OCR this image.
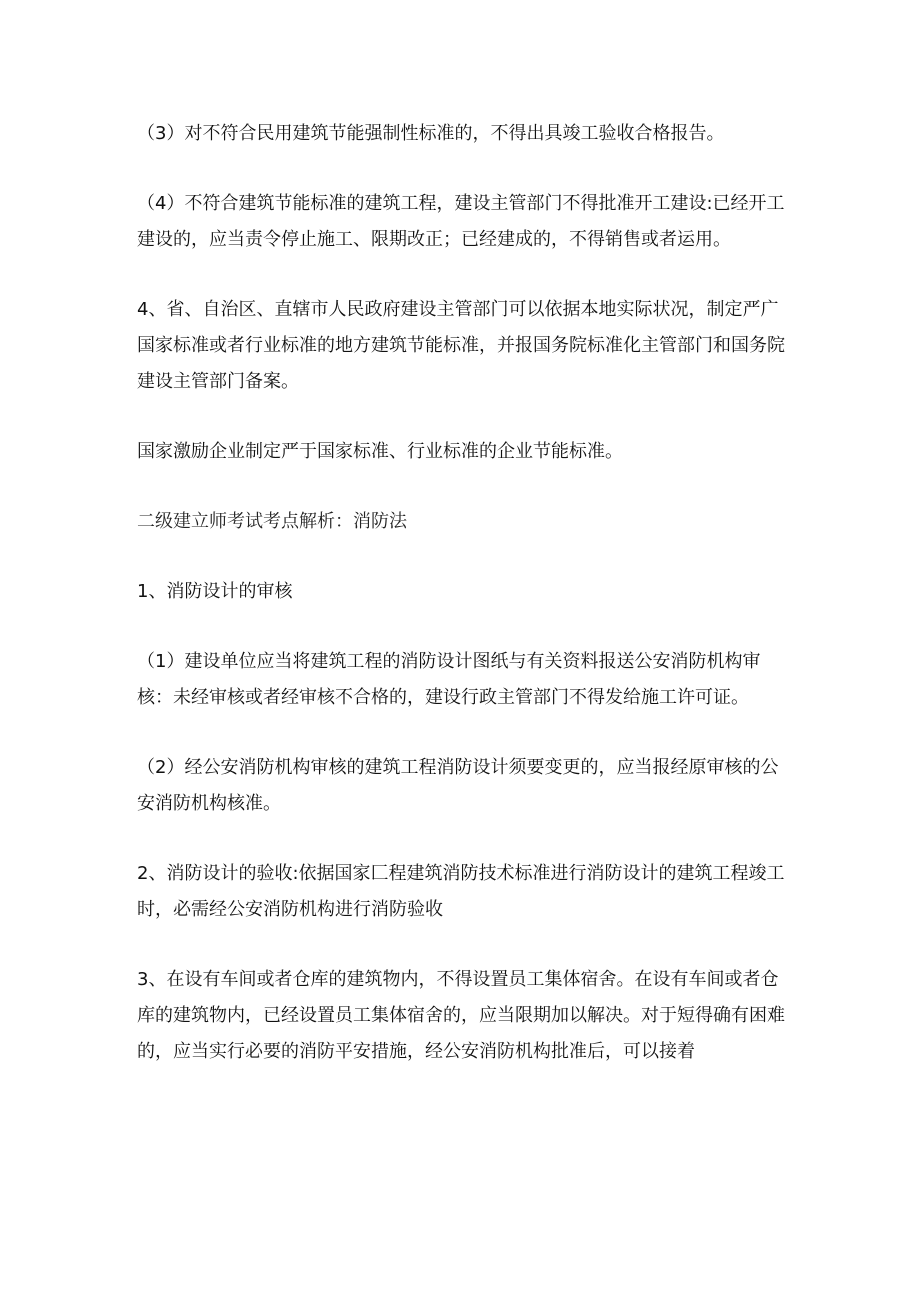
（3）对不符合民用建筑节能强制性标准的，不得出具竣工验收合格报告。

（4）不符合建筑节能标准的建筑工程，建设主管部门不得批准开工建设:已经开工建设的，应当责令停止施工、限期改正；已经建成的，不得销售或者运用。

4、省、自治区、直辖市人民政府建设主管部门可以依据本地实际状况，制定严广国家标准或者行业标准的地方建筑节能标准，并报国务院标准化主管部门和国务院建设主管部门备案。

国家激励企业制定严于国家标准、行业标准的企业节能标准。

二级建立师考试考点解析：消防法

1、消防设计的审核

（1）建设单位应当将建筑工程的消防设计图纸与有关资料报送公安消防机构审核：未经审核或者经审核不合格的，建设行政主管部门不得发给施工许可证。

（2）经公安消防机构审核的建筑工程消防设计须要变更的，应当报经原审核的公安消防机构核准。

2、消防设计的验收:依据国家匚程建筑消防技术标准进行消防设计的建筑工程竣工时，必需经公安消防机构进行消防验收

3、在设有车间或者仓库的建筑物内，不得设置员工集体宿舍。在设有车间或者仓库的建筑物内，已经设置员工集体宿舍的，应当限期加以解决。对于短得确有困难的，应当实行必要的消防平安措施，经公安消防机构批准后，可以接着
